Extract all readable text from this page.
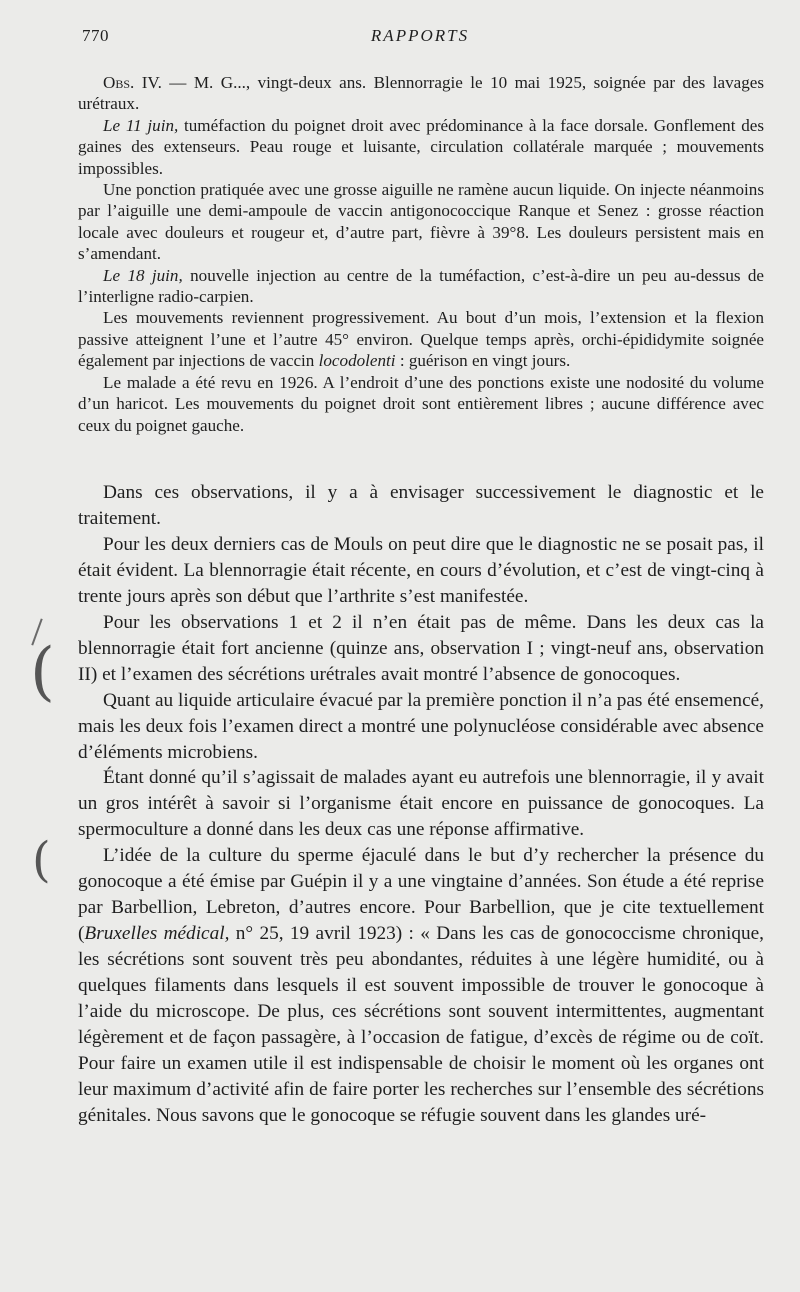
770	RAPPORTS

Obs. IV. — M. G..., vingt-deux ans. Blennorragie le 10 mai 1925, soignée par des lavages urétraux.

Le 11 juin, tuméfaction du poignet droit avec prédominance à la face dorsale. Gonflement des gaines des extenseurs. Peau rouge et luisante, circulation collatérale marquée ; mouvements impossibles.

Une ponction pratiquée avec une grosse aiguille ne ramène aucun liquide. On injecte néanmoins par l’aiguille une demi-ampoule de vaccin antigonococcique Ranque et Senez : grosse réaction locale avec douleurs et rougeur et, d’autre part, fièvre à 39°8. Les douleurs persistent mais en s’amendant.

Le 18 juin, nouvelle injection au centre de la tuméfaction, c’est-à-dire un peu au-dessus de l’interligne radio-carpien.

Les mouvements reviennent progressivement. Au bout d’un mois, l’extension et la flexion passive atteignent l’une et l’autre 45° environ. Quelque temps après, orchi-épididymite soignée également par injections de vaccin locodolenti : guérison en vingt jours.

Le malade a été revu en 1926. A l’endroit d’une des ponctions existe une nodosité du volume d’un haricot. Les mouvements du poignet droit sont entièrement libres ; aucune différence avec ceux du poignet gauche.

Dans ces observations, il y a à envisager successivement le diagnostic et le traitement.

Pour les deux derniers cas de Mouls on peut dire que le diagnostic ne se posait pas, il était évident. La blennorragie était récente, en cours d’évolution, et c’est de vingt-cinq à trente jours après son début que l’arthrite s’est manifestée.

Pour les observations 1 et 2 il n’en était pas de même. Dans les deux cas la blennorragie était fort ancienne (quinze ans, observation I ; vingt-neuf ans, observation II) et l’examen des sécrétions urétrales avait montré l’absence de gonocoques.

Quant au liquide articulaire évacué par la première ponction il n’a pas été ensemencé, mais les deux fois l’examen direct a montré une polynucléose considérable avec absence d’éléments microbiens.

Étant donné qu’il s’agissait de malades ayant eu autrefois une blennorragie, il y avait un gros intérêt à savoir si l’organisme était encore en puissance de gonocoques. La spermoculture a donné dans les deux cas une réponse affirmative.

L’idée de la culture du sperme éjaculé dans le but d’y rechercher la présence du gonocoque a été émise par Guépin il y a une vingtaine d’années. Son étude a été reprise par Barbellion, Lebreton, d’autres encore. Pour Barbellion, que je cite textuellement (Bruxelles médical, n° 25, 19 avril 1923) : « Dans les cas de gonococcisme chronique, les sécrétions sont souvent très peu abondantes, réduites à une légère humidité, ou à quelques filaments dans lesquels il est souvent impossible de trouver le gonocoque à l’aide du microscope. De plus, ces sécrétions sont souvent intermittentes, augmentant légèrement et de façon passagère, à l’occasion de fatigue, d’excès de régime ou de coït. Pour faire un examen utile il est indispensable de choisir le moment où les organes ont leur maximum d’activité afin de faire porter les recherches sur l’ensemble des sécrétions génitales. Nous savons que le gonocoque se réfugie souvent dans les glandes uré-

(
(
